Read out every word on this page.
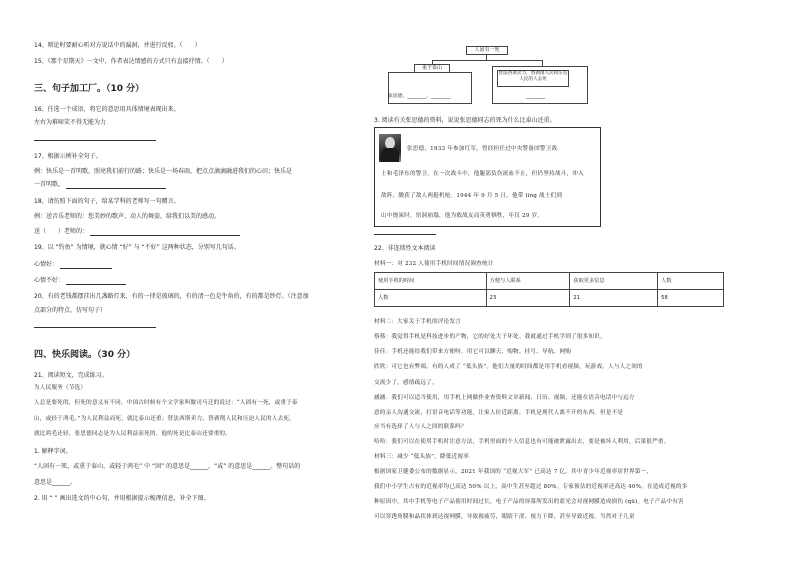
14、辩论时要耐心听对方说话中的漏洞，并进行反驳。（　　）
15、《那个星期天》一文中，作者表达情感的方式只有直接抒情。（　　）
三、句子加工厂。（10 分）
16、任选一个成语，将它的意思用具体情境表现出来。
左右为难啼笑不得无能为力
17、根据示例补全句子。
例：快乐是一首明歌，照亮我们前行的路；快乐是一场春雨，把点点滴滴融进我们的心田；快乐是
一首明歌，
18、请仿照下面的句子，给某学科的老师写一句赠言。
例：送音乐老师的：您美妙的歌声、动人的舞姿，给我们以美的感动。
送（　　）老师的：
19、以 “钓鱼” 为情境，就心情 “好” 与 “不好” 这两种状态，分别写几句话。
心情好：
心情不好：
20、有的老钱都摆挂出几盏路灯来，有的一律是玻璃的，有的清一色是牛角的，有的都是纱灯。（注意加
点部分的特点，仿写句子）
四、快乐阅读。（30 分）
21、阅读短文，完成练习。
为人民服务（节选）
人总是要死的，但死的意义有不同。中国古时候有个文学家叫做司马迁的说过：“人固有一死，或重于泰
山，或轻于鸿毛。”为人民利益而死，就比泰山还重；替法西斯卖力，替剥削人民和压迫人民的人去死，
就比鸿毛还轻。张思德同志是为人民利益而死的，他的死是比泰山还要重的。
1. 解释字词。
“人固有一死，或重于泰山，或轻于鸿毛” 中 “固” 的意思是______，“或” 的意思是______。整句话的
意思是______。
2. 用 “ ” 画出选文的中心句，并用根据提示梳理信息，补全下图。
人固有一死
重于泰山
替法西斯卖力，替剥削人民和压迫人民的人去死
张思德，________，________	________
3. 阅读有关张思德的资料，说说张思德同志的死为什么比泰山还重。
张思德，1933 年参加红军，曾经担任过中央警备团警卫战
士和毛泽东的警卫。在一次战斗中，他腿部负伤流血不止，但仍坚持战斗，冲入
敌阵，缴获了敌人两挺机枪。1944 年 9 月 5 日，他带 ling 战士们到
山中烧炭时，窑洞崩塌，他为救战友而英勇牺牲，年仅 29 岁。
22、非连续性文本阅读
材料一：对 232 人使用手机时间情况调查统计
使用手机的时间	方便与人联系	获取更多信息	人数
人数	23	21	58
材料二：大家关于手机的评论发言
蔡蔡：我觉得手机是科技进步的产物，它的好处大于坏处。我就通过手机学到了很多知识。
佳佳：手机还能给我们带来方便呀。用它可以聊天、购物、挂号、导航、网购
欣欣：可它也有弊端，有的人成了 “低头族”。他们大量的时间都是用手机看视频，玩游戏。人与人之间的
交流少了，感情疏远了。
涵涵：我们可以适当使用，用手机上网做作业查资料文章新闻、日历、视频，还能在语音电话中与远方
意的亲人沟通交流，打语音电话等功能，让家人拉近距离。手机是现代人离不开的东西，但是不是
应当有选择了人与人之间的联系吗？
哈哈：我们可以在使用手机时注意方法，手机里面的个人信息也有可能被泄露出去，要是被坏人利用，后果很严重。
材料三：减少 “低头族”，降低近视率
根据国家卫健委公布的数据显示，2021 年我国的 “近视大军” 已高达 7 亿，其中青少年近视率居世界第一，
我们中小学生占有的近视率均已高达 50% 以上，高中生甚至超过 80%。专家预估的近视率还高达 40%。在造成近视的多
种原因中，其中手机等电子产品使用时间过长，电子产品的屏幕所发出的蓝光会对视网膜造成损伤 (qū)。电子产品中有害
可以穿透角膜和晶状体到达视网膜，导致视疲劳，眼睛干涩、视力下降，甚至导致近视。当然对于儿童
